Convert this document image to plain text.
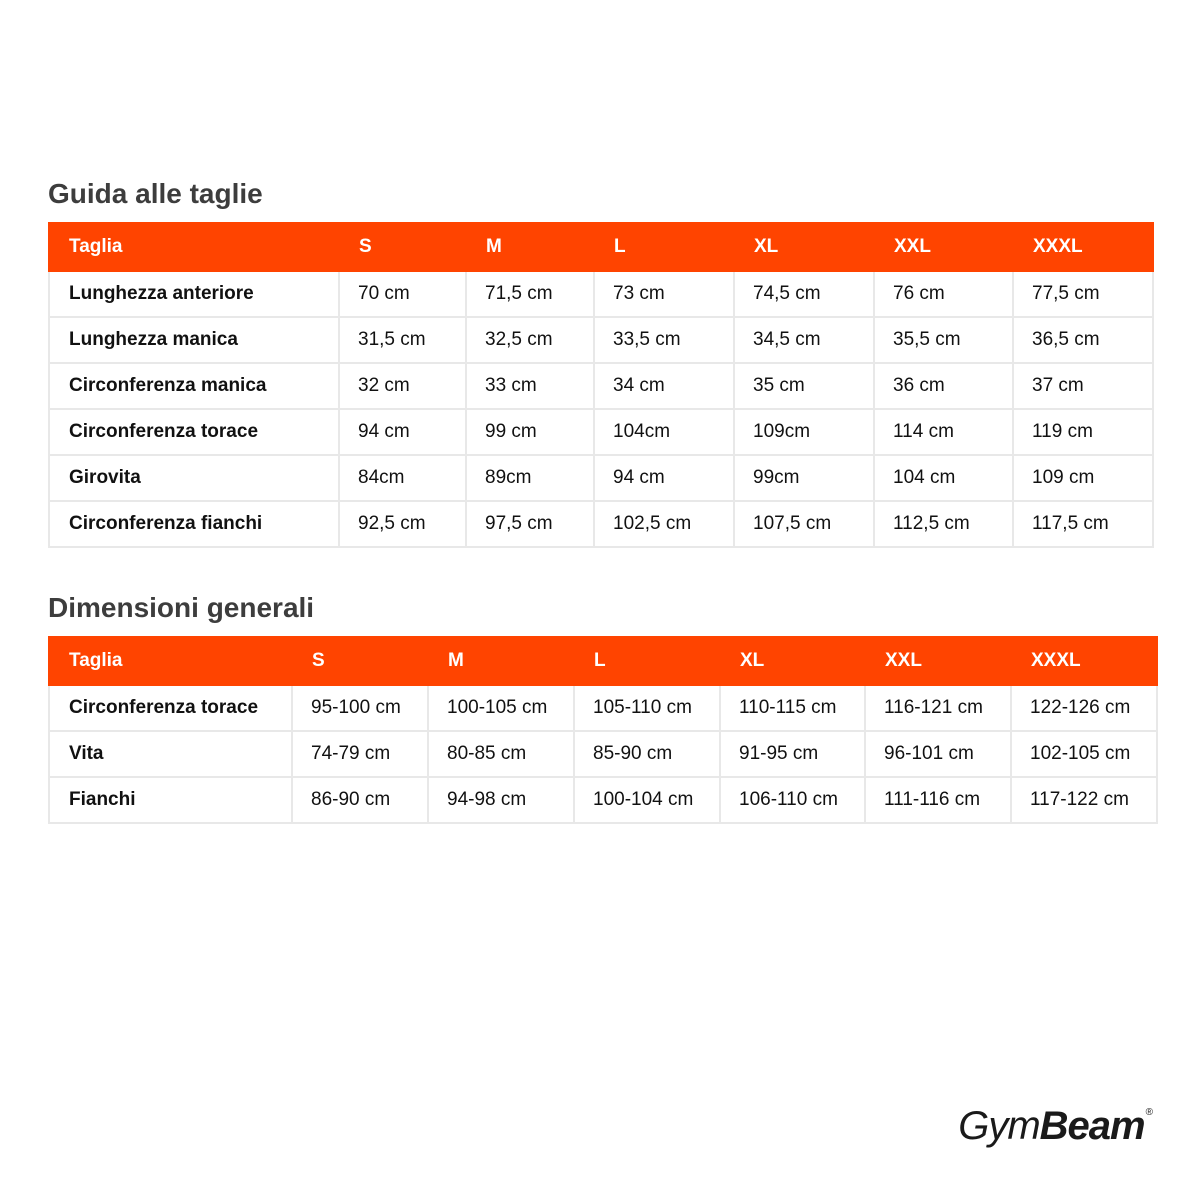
Guida alle taglie
Taglia	S	M	L	XL	XXL	XXXL
Lunghezza anteriore	70 cm	71,5 cm	73 cm	74,5 cm	76 cm	77,5 cm
Lunghezza manica	31,5 cm	32,5 cm	33,5 cm	34,5 cm	35,5 cm	36,5 cm
Circonferenza manica	32 cm	33 cm	34 cm	35 cm	36 cm	37 cm
Circonferenza torace	94 cm	99 cm	104cm	109cm	114 cm	119 cm
Girovita	84cm	89cm	94 cm	99cm	104 cm	109 cm
Circonferenza fianchi	92,5 cm	97,5 cm	102,5 cm	107,5 cm	112,5 cm	117,5 cm
Dimensioni generali
Taglia	S	M	L	XL	XXL	XXXL
Circonferenza torace	95-100 cm	100-105 cm	105-110 cm	110-115 cm	116-121 cm	122-126 cm
Vita	74-79 cm	80-85 cm	85-90 cm	91-95 cm	96-101 cm	102-105 cm
Fianchi	86-90 cm	94-98 cm	100-104 cm	106-110 cm	111-116 cm	117-122 cm
GymBeam®
